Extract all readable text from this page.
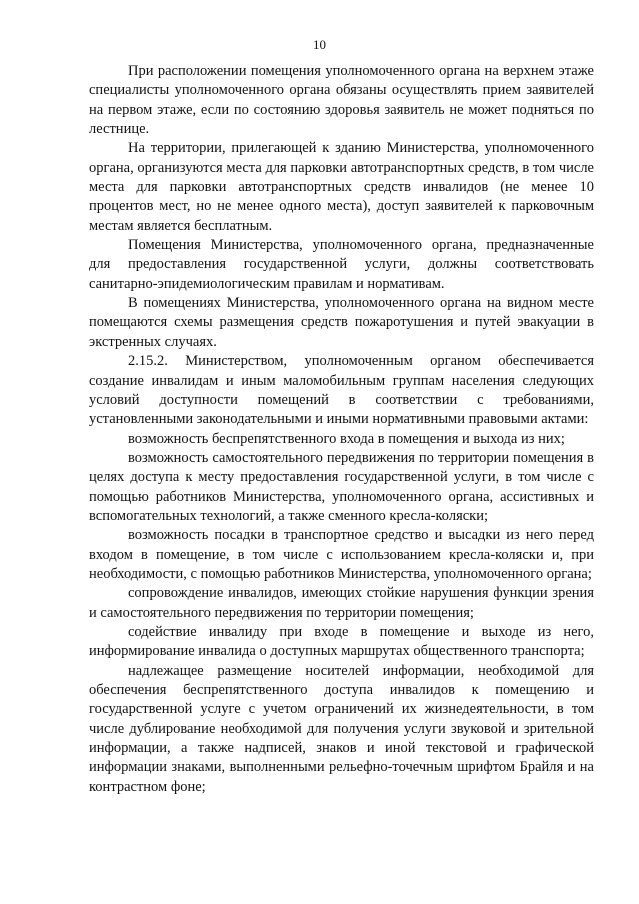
10

При расположении помещения уполномоченного органа на верхнем этаже специалисты уполномоченного органа обязаны осуществлять прием заявителей на первом этаже, если по состоянию здоровья заявитель не может подняться по лестнице.

На территории, прилегающей к зданию Министерства, уполномоченного органа, организуются места для парковки автотранспортных средств, в том числе места для парковки автотранспортных средств инвалидов (не менее 10 процентов мест, но не менее одного места), доступ заявителей к парковочным местам является бесплатным.

Помещения Министерства, уполномоченного органа, предназначенные для предоставления государственной услуги, должны соответствовать санитарно-эпидемиологическим правилам и нормативам.

В помещениях Министерства, уполномоченного органа на видном месте помещаются схемы размещения средств пожаротушения и путей эвакуации в экстренных случаях.

2.15.2. Министерством, уполномоченным органом обеспечивается создание инвалидам и иным маломобильным группам населения следующих условий доступности помещений в соответствии с требованиями, установленными законодательными и иными нормативными правовыми актами:

возможность беспрепятственного входа в помещения и выхода из них;

возможность самостоятельного передвижения по территории помещения в целях доступа к месту предоставления государственной услуги, в том числе с помощью работников Министерства, уполномоченного органа, ассистивных и вспомогательных технологий, а также сменного кресла-коляски;

возможность посадки в транспортное средство и высадки из него перед входом в помещение, в том числе с использованием кресла-коляски и, при необходимости, с помощью работников Министерства, уполномоченного органа;

сопровождение инвалидов, имеющих стойкие нарушения функции зрения и самостоятельного передвижения по территории помещения;

содействие инвалиду при входе в помещение и выходе из него, информирование инвалида о доступных маршрутах общественного транспорта;

надлежащее размещение носителей информации, необходимой для обеспечения беспрепятственного доступа инвалидов к помещению и государственной услуге с учетом ограничений их жизнедеятельности, в том числе дублирование необходимой для получения услуги звуковой и зрительной информации, а также надписей, знаков и иной текстовой и графической информации знаками, выполненными рельефно-точечным шрифтом Брайля и на контрастном фоне;
